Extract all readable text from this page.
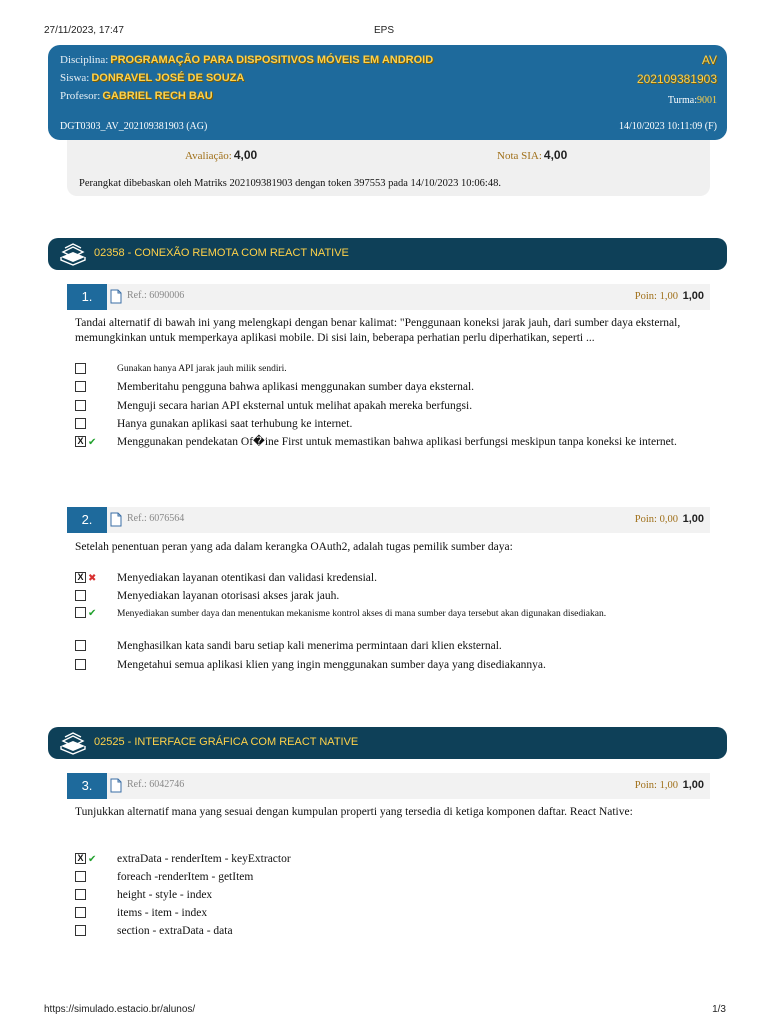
27/11/2023, 17:47	EPS
Disciplina: PROGRAMAÇÃO PARA DISPOSITIVOS MÓVEIS EM ANDROID
Siswa: DONRAVEL JOSÉ DE SOUZA
Profesor: GABRIEL RECH BAU
AV
202109381903
Turma:9001
DGT0303_AV_202109381903 (AG)	14/10/2023 10:11:09 (F)
Avaliação: 4,00	Nota SIA: 4,00
Perangkat dibebaskan oleh Matriks 202109381903 dengan token 397553 pada 14/10/2023 10:06:48.
02358 - CONEXÃO REMOTA COM REACT NATIVE
1.	Ref.: 6090006	Poin: 1,00 1,00
Tandai alternatif di bawah ini yang melengkapi dengan benar kalimat: "Penggunaan koneksi jarak jauh, dari sumber daya eksternal, memungkinkan untuk memperkaya aplikasi mobile. Di sisi lain, beberapa perhatian perlu diperhatikan, seperti ...
Gunakan hanya API jarak jauh milik sendiri.
Memberitahu pengguna bahwa aplikasi menggunakan sumber daya eksternal.
Menguji secara harian API eksternal untuk melihat apakah mereka berfungsi.
Hanya gunakan aplikasi saat terhubung ke internet.
X ✔ Menggunakan pendekatan Of�ine First untuk memastikan bahwa aplikasi berfungsi meskipun tanpa koneksi ke internet.
2.	Ref.: 6076564	Poin: 0,00 1,00
Setelah penentuan peran yang ada dalam kerangka OAuth2, adalah tugas pemilik sumber daya:
X ✖ Menyediakan layanan otentikasi dan validasi kredensial.
Menyediakan layanan otorisasi akses jarak jauh.
✔ Menyediakan sumber daya dan menentukan mekanisme kontrol akses di mana sumber daya tersebut akan digunakan disediakan.
Menghasilkan kata sandi baru setiap kali menerima permintaan dari klien eksternal.
Mengetahui semua aplikasi klien yang ingin menggunakan sumber daya yang disediakannya.
02525 - INTERFACE GRÁFICA COM REACT NATIVE
3.	Ref.: 6042746	Poin: 1,00 1,00
Tunjukkan alternatif mana yang sesuai dengan kumpulan properti yang tersedia di ketiga komponen daftar. React Native:
X ✔ extraData - renderItem - keyExtractor
foreach -renderItem - getItem
height - style - index
items - item - index
section - extraData - data
https://simulado.estacio.br/alunos/	1/3
